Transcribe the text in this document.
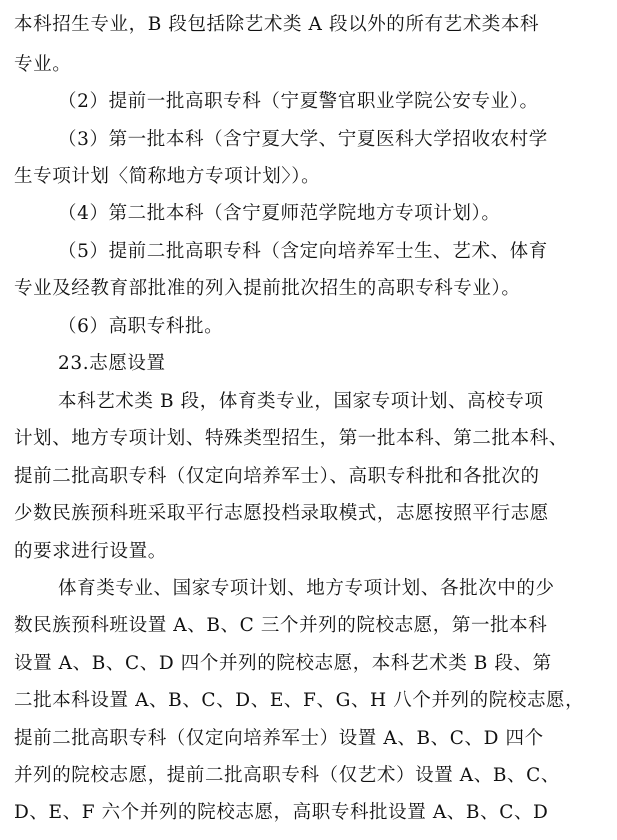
本科招生专业，B 段包括除艺术类 A 段以外的所有艺术类本科
专业。
（2）提前一批高职专科（宁夏警官职业学院公安专业）。
（3）第一批本科（含宁夏大学、宁夏医科大学招收农村学
生专项计划〈简称地方专项计划〉）。
（4）第二批本科（含宁夏师范学院地方专项计划）。
（5）提前二批高职专科（含定向培养军士生、艺术、体育
专业及经教育部批准的列入提前批次招生的高职专科专业）。
（6）高职专科批。
23.志愿设置
本科艺术类 B 段，体育类专业，国家专项计划、高校专项
计划、地方专项计划、特殊类型招生，第一批本科、第二批本科、
提前二批高职专科（仅定向培养军士）、高职专科批和各批次的
少数民族预科班采取平行志愿投档录取模式，志愿按照平行志愿
的要求进行设置。
体育类专业、国家专项计划、地方专项计划、各批次中的少
数民族预科班设置 A、B、C 三个并列的院校志愿，第一批本科
设置 A、B、C、D 四个并列的院校志愿，本科艺术类 B 段、第
二批本科设置 A、B、C、D、E、F、G、H 八个并列的院校志愿，
提前二批高职专科（仅定向培养军士）设置 A、B、C、D 四个
并列的院校志愿，提前二批高职专科（仅艺术）设置 A、B、C、
D、E、F 六个并列的院校志愿，高职专科批设置 A、B、C、D
